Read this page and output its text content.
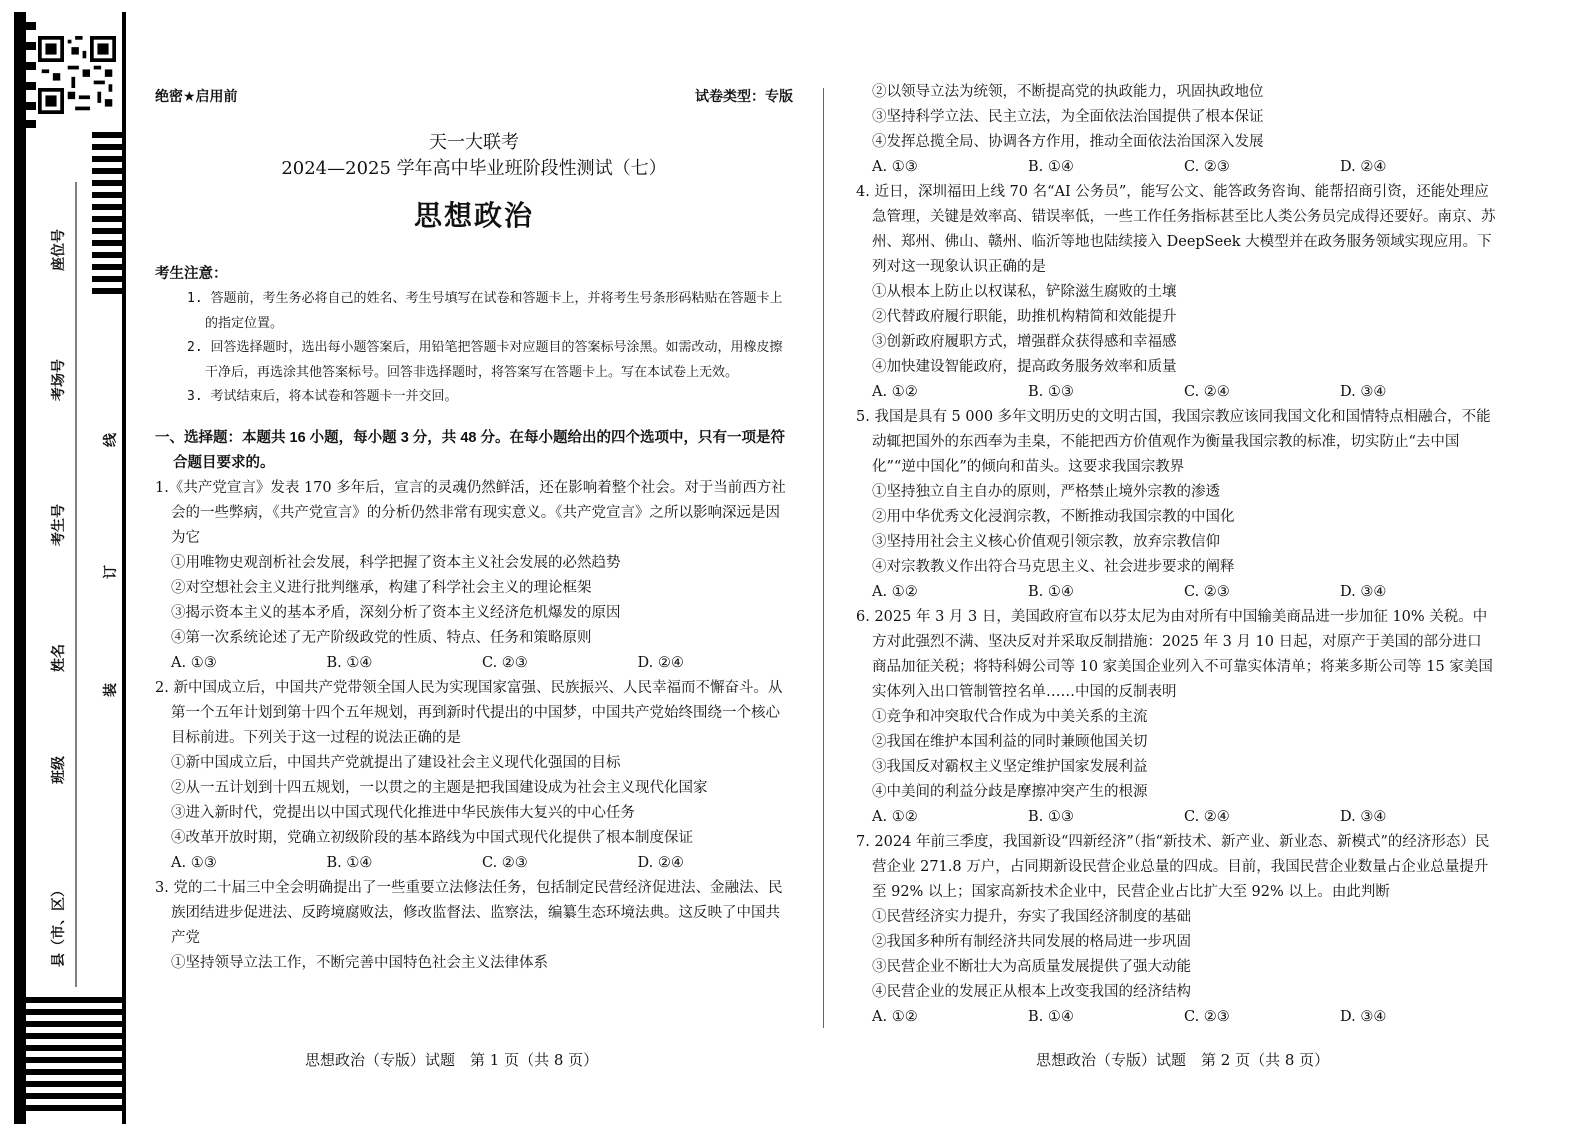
座位号
考场号
考生号
姓名
班级
县（市、区）
线
订
装
绝密★启用前	试卷类型：专版
天一大联考
2024—2025 学年高中毕业班阶段性测试（七）
思想政治
考生注意：
1. 答题前，考生务必将自己的姓名、考生号填写在试卷和答题卡上，并将考生号条形码粘贴在答题卡上的指定位置。
2. 回答选择题时，选出每小题答案后，用铅笔把答题卡对应题目的答案标号涂黑。如需改动，用橡皮擦干净后，再选涂其他答案标号。回答非选择题时，将答案写在答题卡上。写在本试卷上无效。
3. 考试结束后，将本试卷和答题卡一并交回。
一、选择题：本题共 16 小题，每小题 3 分，共 48 分。在每小题给出的四个选项中，只有一项是符合题目要求的。
1.《共产党宣言》发表 170 多年后，宣言的灵魂仍然鲜活，还在影响着整个社会。对于当前西方社会的一些弊病，《共产党宣言》的分析仍然非常有现实意义。《共产党宣言》之所以影响深远是因为它
①用唯物史观剖析社会发展，科学把握了资本主义社会发展的必然趋势
②对空想社会主义进行批判继承，构建了科学社会主义的理论框架
③揭示资本主义的基本矛盾，深刻分析了资本主义经济危机爆发的原因
④第一次系统论述了无产阶级政党的性质、特点、任务和策略原则
A. ①③	B. ①④	C. ②③	D. ②④
2. 新中国成立后，中国共产党带领全国人民为实现国家富强、民族振兴、人民幸福而不懈奋斗。从第一个五年计划到第十四个五年规划，再到新时代提出的中国梦，中国共产党始终围绕一个核心目标前进。下列关于这一过程的说法正确的是
①新中国成立后，中国共产党就提出了建设社会主义现代化强国的目标
②从一五计划到十四五规划，一以贯之的主题是把我国建设成为社会主义现代化国家
③进入新时代，党提出以中国式现代化推进中华民族伟大复兴的中心任务
④改革开放时期，党确立初级阶段的基本路线为中国式现代化提供了根本制度保证
A. ①③	B. ①④	C. ②③	D. ②④
3. 党的二十届三中全会明确提出了一些重要立法修法任务，包括制定民营经济促进法、金融法、民族团结进步促进法、反跨境腐败法，修改监督法、监察法，编纂生态环境法典。这反映了中国共产党
①坚持领导立法工作，不断完善中国特色社会主义法律体系
②以领导立法为统领，不断提高党的执政能力，巩固执政地位
③坚持科学立法、民主立法，为全面依法治国提供了根本保证
④发挥总揽全局、协调各方作用，推动全面依法治国深入发展
A. ①③	B. ①④	C. ②③	D. ②④
4. 近日，深圳福田上线 70 名“AI 公务员”，能写公文、能答政务咨询、能帮招商引资，还能处理应急管理，关键是效率高、错误率低，一些工作任务指标甚至比人类公务员完成得还要好。南京、苏州、郑州、佛山、赣州、临沂等地也陆续接入 DeepSeek 大模型并在政务服务领域实现应用。下列对这一现象认识正确的是
①从根本上防止以权谋私，铲除滋生腐败的土壤
②代替政府履行职能，助推机构精简和效能提升
③创新政府履职方式，增强群众获得感和幸福感
④加快建设智能政府，提高政务服务效率和质量
A. ①②	B. ①③	C. ②④	D. ③④
5. 我国是具有 5 000 多年文明历史的文明古国，我国宗教应该同我国文化和国情特点相融合，不能动辄把国外的东西奉为圭臬，不能把西方价值观作为衡量我国宗教的标准，切实防止“去中国化”“逆中国化”的倾向和苗头。这要求我国宗教界
①坚持独立自主自办的原则，严格禁止境外宗教的渗透
②用中华优秀文化浸润宗教，不断推动我国宗教的中国化
③坚持用社会主义核心价值观引领宗教，放弃宗教信仰
④对宗教教义作出符合马克思主义、社会进步要求的阐释
A. ①②	B. ①④	C. ②③	D. ③④
6. 2025 年 3 月 3 日，美国政府宣布以芬太尼为由对所有中国输美商品进一步加征 10% 关税。中方对此强烈不满、坚决反对并采取反制措施：2025 年 3 月 10 日起，对原产于美国的部分进口商品加征关税；将特科姆公司等 10 家美国企业列入不可靠实体清单；将莱多斯公司等 15 家美国实体列入出口管制管控名单……中国的反制表明
①竞争和冲突取代合作成为中美关系的主流
②我国在维护本国利益的同时兼顾他国关切
③我国反对霸权主义坚定维护国家发展利益
④中美间的利益分歧是摩擦冲突产生的根源
A. ①②	B. ①③	C. ②④	D. ③④
7. 2024 年前三季度，我国新设“四新经济”（指“新技术、新产业、新业态、新模式”的经济形态）民营企业 271.8 万户，占同期新设民营企业总量的四成。目前，我国民营企业数量占企业总量提升至 92% 以上；国家高新技术企业中，民营企业占比扩大至 92% 以上。由此判断
①民营经济实力提升，夯实了我国经济制度的基础
②我国多种所有制经济共同发展的格局进一步巩固
③民营企业不断壮大为高质量发展提供了强大动能
④民营企业的发展正从根本上改变我国的经济结构
A. ①②	B. ①④	C. ②③	D. ③④
思想政治（专版）试题　第 1 页（共 8 页）	思想政治（专版）试题　第 2 页（共 8 页）
